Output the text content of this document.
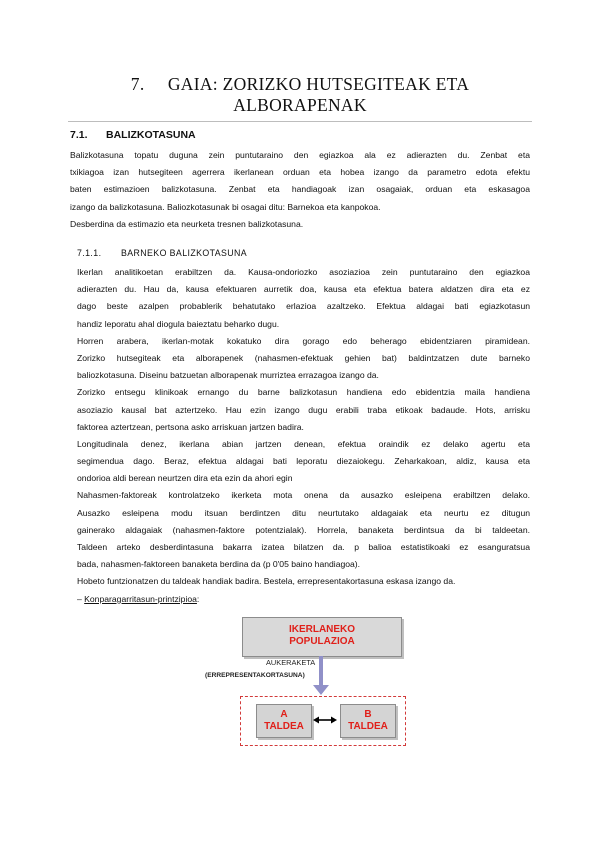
7.     GAIA: ZORIZKO HUTSEGITEAK ETA
ALBORAPENAK
7.1. BALIZKOTASUNA
Balizkotasuna topatu duguna zein puntutaraino den egiazkoa ala ez adierazten du. Zenbat eta
txikiagoa izan hutsegiteen agerrera ikerlanean orduan eta hobea izango da parametro edota efektu
baten estimazioen balizkotasuna. Zenbat eta handiagoak izan osagaiak, orduan eta eskasagoa
izango da balizkotasuna. Baliozkotasunak bi osagai ditu: Barnekoa eta kanpokoa.
Desberdina da estimazio eta neurketa tresnen balizkotasuna.
7.1.1. BARNEKO BALIZKOTASUNA
Ikerlan analitikoetan erabiltzen da. Kausa-ondoriozko asoziazioa zein puntutaraino den egiazkoa
adierazten du. Hau da, kausa efektuaren aurretik doa, kausa eta efektua batera aldatzen dira eta ez
dago beste azalpen probablerik behatutako erlazioa azaltzeko. Efektua aldagai bati egiazkotasun
handiz leporatu ahal diogula baieztatu beharko dugu.
Horren arabera, ikerlan-motak kokatuko dira gorago edo beherago ebidentziaren piramidean.
Zorizko hutsegiteak eta alborapenek (nahasmen-efektuak gehien bat) baldintzatzen dute barneko
baliozkotasuna. Diseinu batzuetan alborapenak murriztea errazagoa izango da.
Zorizko entsegu klinikoak ernango du barne balizkotasun handiena edo ebidentzia maila handiena
asoziazio kausal bat aztertzeko. Hau ezin izango dugu erabili traba etikoak badaude. Hots, arrisku
faktorea aztertzean, pertsona asko arriskuan jartzen badira.
Longitudinala denez, ikerlana abian jartzen denean, efektua oraindik ez delako agertu eta
segimendua dago. Beraz, efektua aldagai bati leporatu diezaiokegu. Zeharkakoan, aldiz, kausa eta
ondorioa aldi berean neurtzen dira eta ezin da ahori egin
Nahasmen-faktoreak kontrolatzeko ikerketa mota onena da ausazko esleipena erabiltzen delako.
Ausazko esleipena modu itsuan berdintzen ditu neurtutako aldagaiak eta neurtu ez ditugun
gainerako aldagaiak (nahasmen-faktore potentzialak). Horrela, banaketa berdintsua da bi taldeetan.
Taldeen arteko desberdintasuna bakarra izatea bilatzen da. p balioa estatistikoaki ez esanguratsua
bada, nahasmen-faktoreen banaketa berdina da (p 0'05 baino handiagoa).
Hobeto funtzionatzen du taldeak handiak badira. Bestela, errepresentakortasuna eskasa izango da.
– Konparagarritasun-printzipioa:
IKERLANEKO
POPULAZIOA
AUKERAKETA
(ERREPRESENTAKORTASUNA)
A
TALDEA
B
TALDEA
